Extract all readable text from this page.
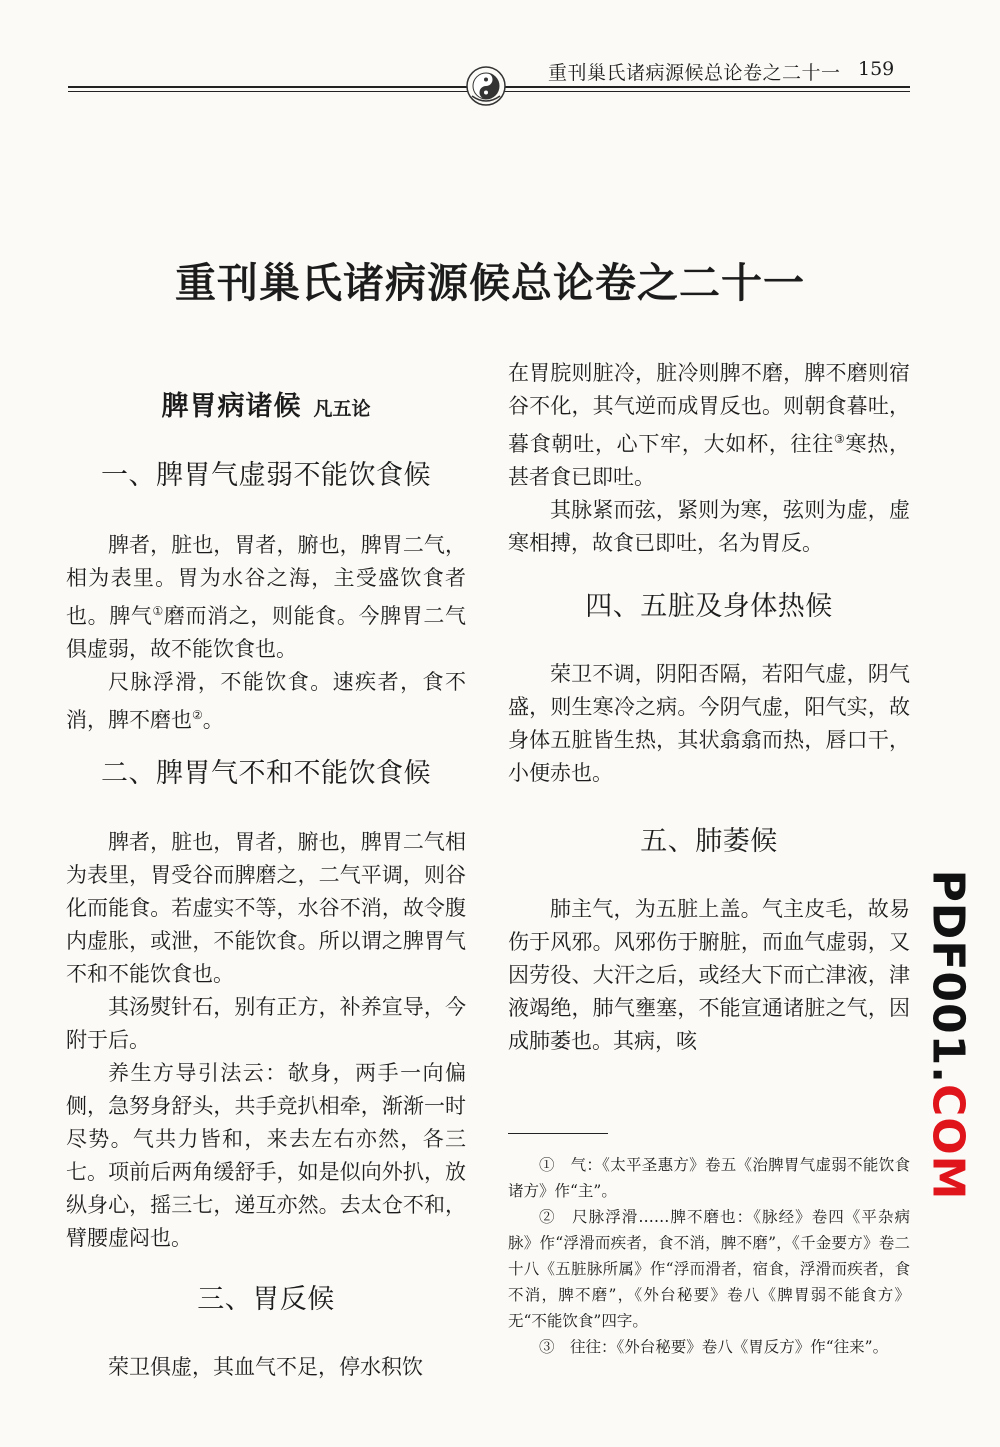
重刊巢氏诸病源候总论卷之二十一 159
重刊巢氏诸病源候总论卷之二十一

脾胃病诸候 凡五论

一、脾胃气虚弱不能饮食候

脾者，脏也，胃者，腑也，脾胃二气，相为表里。胃为水谷之海，主受盛饮食者也。脾气①磨而消之，则能食。今脾胃二气俱虚弱，故不能饮食也。

尺脉浮滑，不能饮食。速疾者，食不消，脾不磨也②。

二、脾胃气不和不能饮食候

脾者，脏也，胃者，腑也，脾胃二气相为表里，胃受谷而脾磨之，二气平调，则谷化而能食。若虚实不等，水谷不消，故令腹内虚胀，或泄，不能饮食。所以谓之脾胃气不和不能饮食也。

其汤熨针石，别有正方，补养宣导，今附于后。

养生方导引法云：欹身，两手一向偏侧，急努身舒头，共手竞扒相牵，渐渐一时尽势。气共力皆和，来去左右亦然，各三七。项前后两角缓舒手，如是似向外扒，放纵身心，摇三七，递互亦然。去太仓不和，臂腰虚闷也。

三、胃反候

荣卫俱虚，其血气不足，停水积饮

在胃脘则脏冷，脏冷则脾不磨，脾不磨则宿谷不化，其气逆而成胃反也。则朝食暮吐，暮食朝吐，心下牢，大如杯，往往③寒热，甚者食已即吐。

其脉紧而弦，紧则为寒，弦则为虚，虚寒相搏，故食已即吐，名为胃反。

四、五脏及身体热候

荣卫不调，阴阳否隔，若阳气虚，阴气盛，则生寒冷之病。今阴气虚，阳气实，故身体五脏皆生热，其状翕翕而热，唇口干，小便赤也。

五、肺萎候

肺主气，为五脏上盖。气主皮毛，故易伤于风邪。风邪伤于腑脏，而血气虚弱，又因劳役、大汗之后，或经大下而亡津液，津液竭绝，肺气壅塞，不能宣通诸脏之气，因成肺萎也。其病，咳

①　气：《太平圣惠方》卷五《治脾胃气虚弱不能饮食诸方》作“主”。

②　尺脉浮滑……脾不磨也：《脉经》卷四《平杂病脉》作“浮滑而疾者，食不消，脾不磨”，《千金要方》卷二十八《五脏脉所属》作“浮而滑者，宿食，浮滑而疾者，食不消，脾不磨”，《外台秘要》卷八《脾胃弱不能食方》无“不能饮食”四字。

③　往往：《外台秘要》卷八《胃反方》作“往来”。

PDF001.COM
